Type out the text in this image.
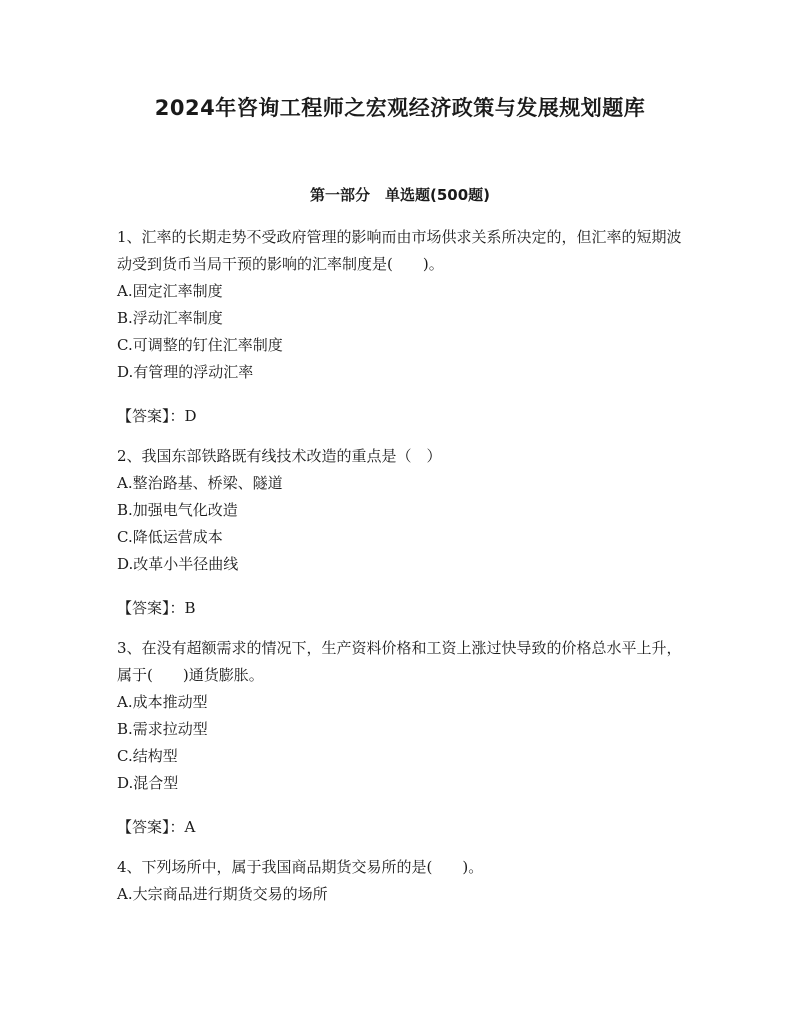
2024年咨询工程师之宏观经济政策与发展规划题库
第一部分　单选题(500题)

1、汇率的长期走势不受政府管理的影响而由市场供求关系所决定的，但汇率的短期波动受到货币当局干预的影响的汇率制度是(　　)。

A.固定汇率制度

B.浮动汇率制度

C.可调整的钉住汇率制度

D.有管理的浮动汇率

【答案】：D

2、我国东部铁路既有线技术改造的重点是（　）

A.整治路基、桥梁、隧道

B.加强电气化改造

C.降低运营成本

D.改革小半径曲线

【答案】：B

3、在没有超额需求的情况下，生产资料价格和工资上涨过快导致的价格总水平上升，属于(　　)通货膨胀。

A.成本推动型

B.需求拉动型

C.结构型

D.混合型

【答案】：A

4、下列场所中，属于我国商品期货交易所的是(　　)。

A.大宗商品进行期货交易的场所
